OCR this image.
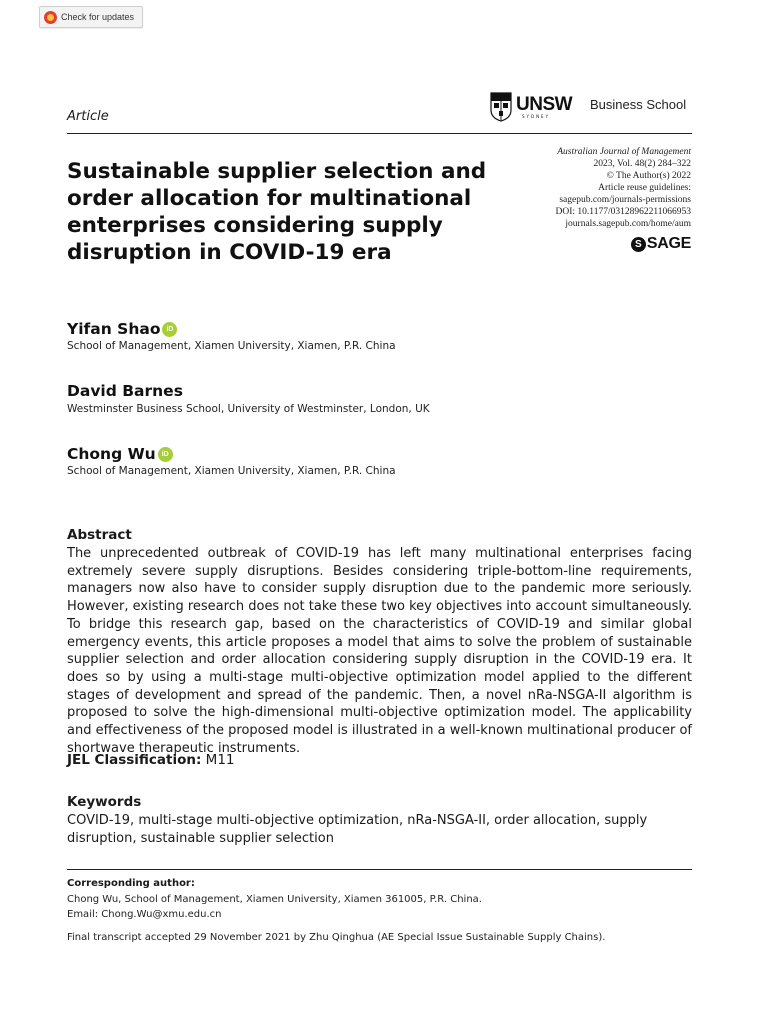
Check for updates
Article
UNSW
SYDNEY
Business School
Sustainable supplier selection and order allocation for multinational enterprises considering supply disruption in COVID-19 era
Australian Journal of Management
2023, Vol. 48(2) 284–322
© The Author(s) 2022
Article reuse guidelines:
sagepub.com/journals-permissions
DOI: 10.1177/03128962211066953
journals.sagepub.com/home/aum
S SAGE
Yifan Shao iD
School of Management, Xiamen University, Xiamen, P.R. China
David Barnes
Westminster Business School, University of Westminster, London, UK
Chong Wu iD
School of Management, Xiamen University, Xiamen, P.R. China
Abstract
The unprecedented outbreak of COVID-19 has left many multinational enterprises facing extremely severe supply disruptions. Besides considering triple-bottom-line requirements, managers now also have to consider supply disruption due to the pandemic more seriously. However, existing research does not take these two key objectives into account simultaneously. To bridge this research gap, based on the characteristics of COVID-19 and similar global emergency events, this article proposes a model that aims to solve the problem of sustainable supplier selection and order allocation considering supply disruption in the COVID-19 era. It does so by using a multi-stage multi-objective optimization model applied to the different stages of development and spread of the pandemic. Then, a novel nRa-NSGA-II algorithm is proposed to solve the high-dimensional multi-objective optimization model. The applicability and effectiveness of the proposed model is illustrated in a well-known multinational producer of shortwave therapeutic instruments.
JEL Classification: M11
Keywords
COVID-19, multi-stage multi-objective optimization, nRa-NSGA-II, order allocation, supply disruption, sustainable supplier selection
Corresponding author:
Chong Wu, School of Management, Xiamen University, Xiamen 361005, P.R. China.
Email: Chong.Wu@xmu.edu.cn
Final transcript accepted 29 November 2021 by Zhu Qinghua (AE Special Issue Sustainable Supply Chains).
